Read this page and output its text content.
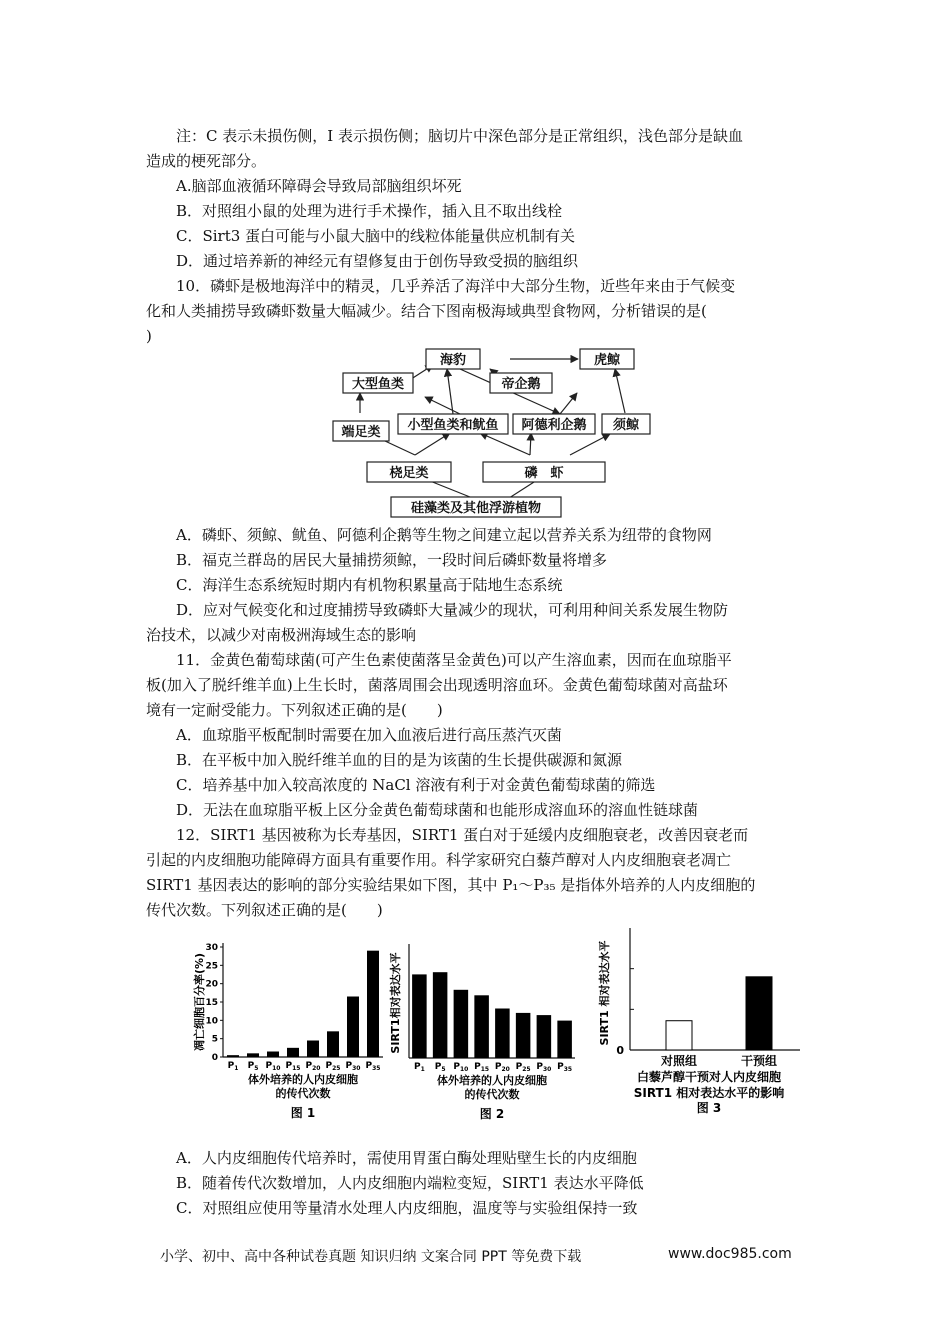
注：C 表示未损伤侧，I 表示损伤侧；脑切片中深色部分是正常组织，浅色部分是缺血
造成的梗死部分。
A.脑部血液循环障碍会导致局部脑组织坏死
B．对照组小鼠的处理为进行手术操作，插入且不取出线栓
C．Sirt3 蛋白可能与小鼠大脑中的线粒体能量供应机制有关
D．通过培养新的神经元有望修复由于创伤导致受损的脑组织
10．磷虾是极地海洋中的精灵，几乎养活了海洋中大部分生物，近些年来由于气候变
化和人类捕捞导致磷虾数量大幅减少。结合下图南极海域典型食物网，分析错误的是(
)
海豹	虎鲸
大型鱼类	帝企鹅
端足类 小型鱼类和鱿鱼 阿德利企鹅 须鲸
桡足类	磷　虾
硅藻类及其他浮游植物
A．磷虾、须鲸、鱿鱼、阿德利企鹅等生物之间建立起以营养关系为纽带的食物网
B．福克兰群岛的居民大量捕捞须鲸，一段时间后磷虾数量将增多
C．海洋生态系统短时期内有机物积累量高于陆地生态系统
D．应对气候变化和过度捕捞导致磷虾大量减少的现状，可利用种间关系发展生物防
治技术，以减少对南极洲海域生态的影响
11．金黄色葡萄球菌(可产生色素使菌落呈金黄色)可以产生溶血素，因而在血琼脂平
板(加入了脱纤维羊血)上生长时，菌落周围会出现透明溶血环。金黄色葡萄球菌对高盐环
境有一定耐受能力。下列叙述正确的是(　　)
A．血琼脂平板配制时需要在加入血液后进行高压蒸汽灭菌
B．在平板中加入脱纤维羊血的目的是为该菌的生长提供碳源和氮源
C．培养基中加入较高浓度的 NaCl 溶液有利于对金黄色葡萄球菌的筛选
D．无法在血琼脂平板上区分金黄色葡萄球菌和也能形成溶血环的溶血性链球菌
12．SIRT1 基因被称为长寿基因，SIRT1 蛋白对于延缓内皮细胞衰老，改善因衰老而
引起的内皮细胞功能障碍方面具有重要作用。科学家研究白藜芦醇对人内皮细胞衰老凋亡
SIRT1 基因表达的影响的部分实验结果如下图，其中 P₁～P₃₅ 是指体外培养的人内皮细胞的
传代次数。下列叙述正确的是(　　)
0
5
10
15
20
25
30
$P_1$ $P_5$ $P_{10}$ $P_{15}$ $P_{20}$ $P_{25}$ $P_{30}$ $P_{35}$
凋亡细胞百分率(%)
体外培养的人内皮细胞
的传代次数
图 1
$P_1$ $P_5$ $P_{10}$ $P_{15}$ $P_{20}$ $P_{25}$ $P_{30}$ $P_{35}$
SIRT1相对表达水平
体外培养的人内皮细胞
的传代次数
图 2
0
对照组	干预组
SIRT1 相对表达水平
白藜芦醇干预对人内皮细胞
SIRT1 相对表达水平的影响
图 3
A．人内皮细胞传代培养时，需使用胃蛋白酶处理贴壁生长的内皮细胞
B．随着传代次数增加，人内皮细胞内端粒变短，SIRT1 表达水平降低
C．对照组应使用等量清水处理人内皮细胞，温度等与实验组保持一致
小学、初中、高中各种试卷真题 知识归纳 文案合同 PPT 等免费下载	www.doc985.com
